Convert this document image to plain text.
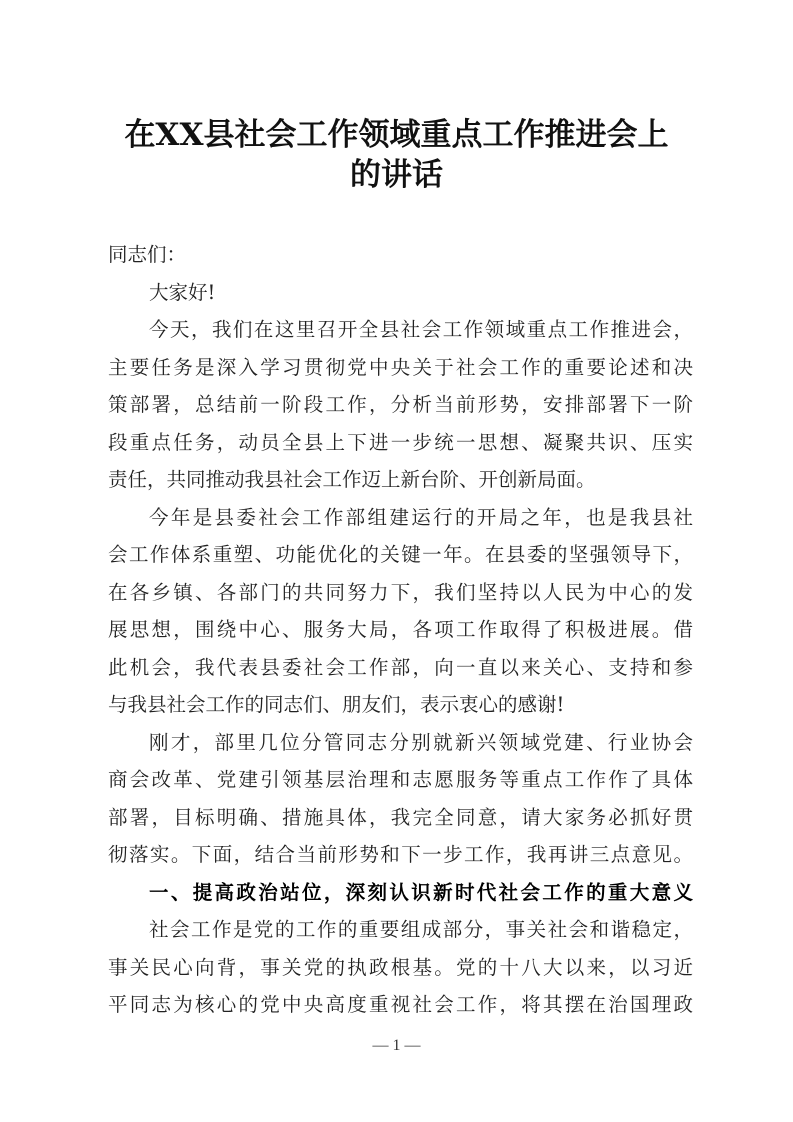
在XX县社会工作领域重点工作推进会上
的讲话
同志们：
大家好!
今天，我们在这里召开全县社会工作领域重点工作推进会，
主要任务是深入学习贯彻党中央关于社会工作的重要论述和决
策部署，总结前一阶段工作，分析当前形势，安排部署下一阶
段重点任务，动员全县上下进一步统一思想、凝聚共识、压实
责任，共同推动我县社会工作迈上新台阶、开创新局面。
今年是县委社会工作部组建运行的开局之年，也是我县社
会工作体系重塑、功能优化的关键一年。在县委的坚强领导下，
在各乡镇、各部门的共同努力下，我们坚持以人民为中心的发
展思想，围绕中心、服务大局，各项工作取得了积极进展。借
此机会，我代表县委社会工作部，向一直以来关心、支持和参
与我县社会工作的同志们、朋友们，表示衷心的感谢!
刚才，部里几位分管同志分别就新兴领域党建、行业协会
商会改革、党建引领基层治理和志愿服务等重点工作作了具体
部署，目标明确、措施具体，我完全同意，请大家务必抓好贯
彻落实。下面，结合当前形势和下一步工作，我再讲三点意见。
一、提高政治站位，深刻认识新时代社会工作的重大意义
社会工作是党的工作的重要组成部分，事关社会和谐稳定，
事关民心向背，事关党的执政根基。党的十八大以来，以习近
平同志为核心的党中央高度重视社会工作，将其摆在治国理政
— 1 —
